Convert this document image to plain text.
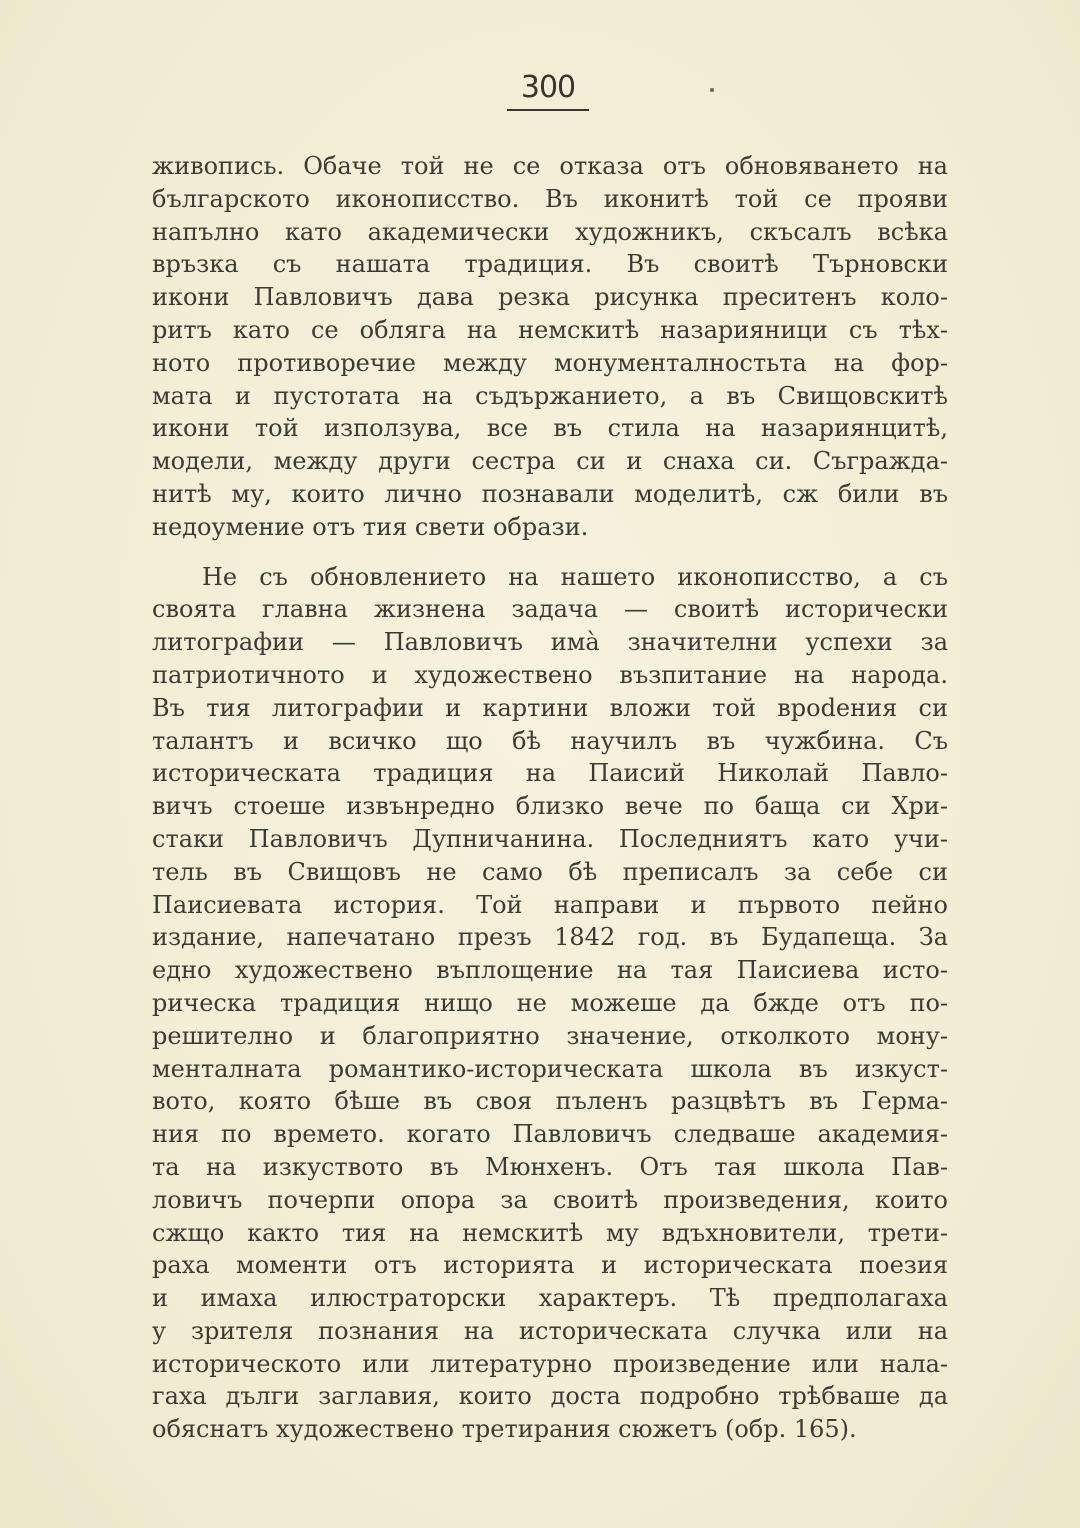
300
живопись. Обаче той не се отказа отъ обновяването на
българското иконописство. Въ иконитѣ той се прояви
напълно като академически художникъ, скъсалъ всѣка
връзка съ нашата традиция. Въ своитѣ Търновски
икони Павловичъ дава резка рисунка преситенъ коло-
ритъ като се обляга на немскитѣ назарияници съ тѣх-
ното противоречие между монументалностьта на фор-
мата и пустотата на съдържанието, а въ Свищовскитѣ
икони той използува, все въ стила на назариянцитѣ,
модели, между други сестра си и снаха си. Съгражда-
нитѣ му, които лично познавали моделитѣ, сж били въ
недоумение отъ тия свети образи.
Не съ обновлението на нашето иконописство, а съ
своята главна жизнена задача — своитѣ исторически
литографии — Павловичъ имà значителни успехи за
патриотичното и художествено възпитание на народа.
Въ тия литографии и картини вложи той врodения си
талантъ и всичко що бѣ научилъ въ чужбина. Съ
историческата традиция на Паисий Николай Павло-
вичъ стоеше извънредно близко вече по баща си Хри-
стаки Павловичъ Дупничанина. Последниятъ като учи-
тель въ Свищовъ не само бѣ преписалъ за себе си
Паисиевата история. Той направи и първото пейно
издание, напечатано презъ 1842 год. въ Будапеща. За
едно художествено въплощение на тая Паисиева исто-
рическа традиция нищо не можеше да бжде отъ по-
решително и благоприятно значение, отколкото мону-
менталната романтико-историческата школа въ изкуст-
вото, която бѣше въ своя пъленъ разцвѣтъ въ Герма-
ния по времето. когато Павловичъ следваше академия-
та на изкуството въ Мюнхенъ. Отъ тая школа Пав-
ловичъ почерпи опора за своитѣ произведения, които
сжщо както тия на немскитѣ му вдъхновители, трети-
раха моменти отъ историята и историческата поезия
и имаха илюстраторски характеръ. Тѣ предполагаха
у зрителя познания на историческата случка или на
историческото или литературно произведение или нала-
гаха дълги заглавия, които доста подробно трѣбваше да
обяснатъ художествено третирания сюжетъ (обр. 165).
